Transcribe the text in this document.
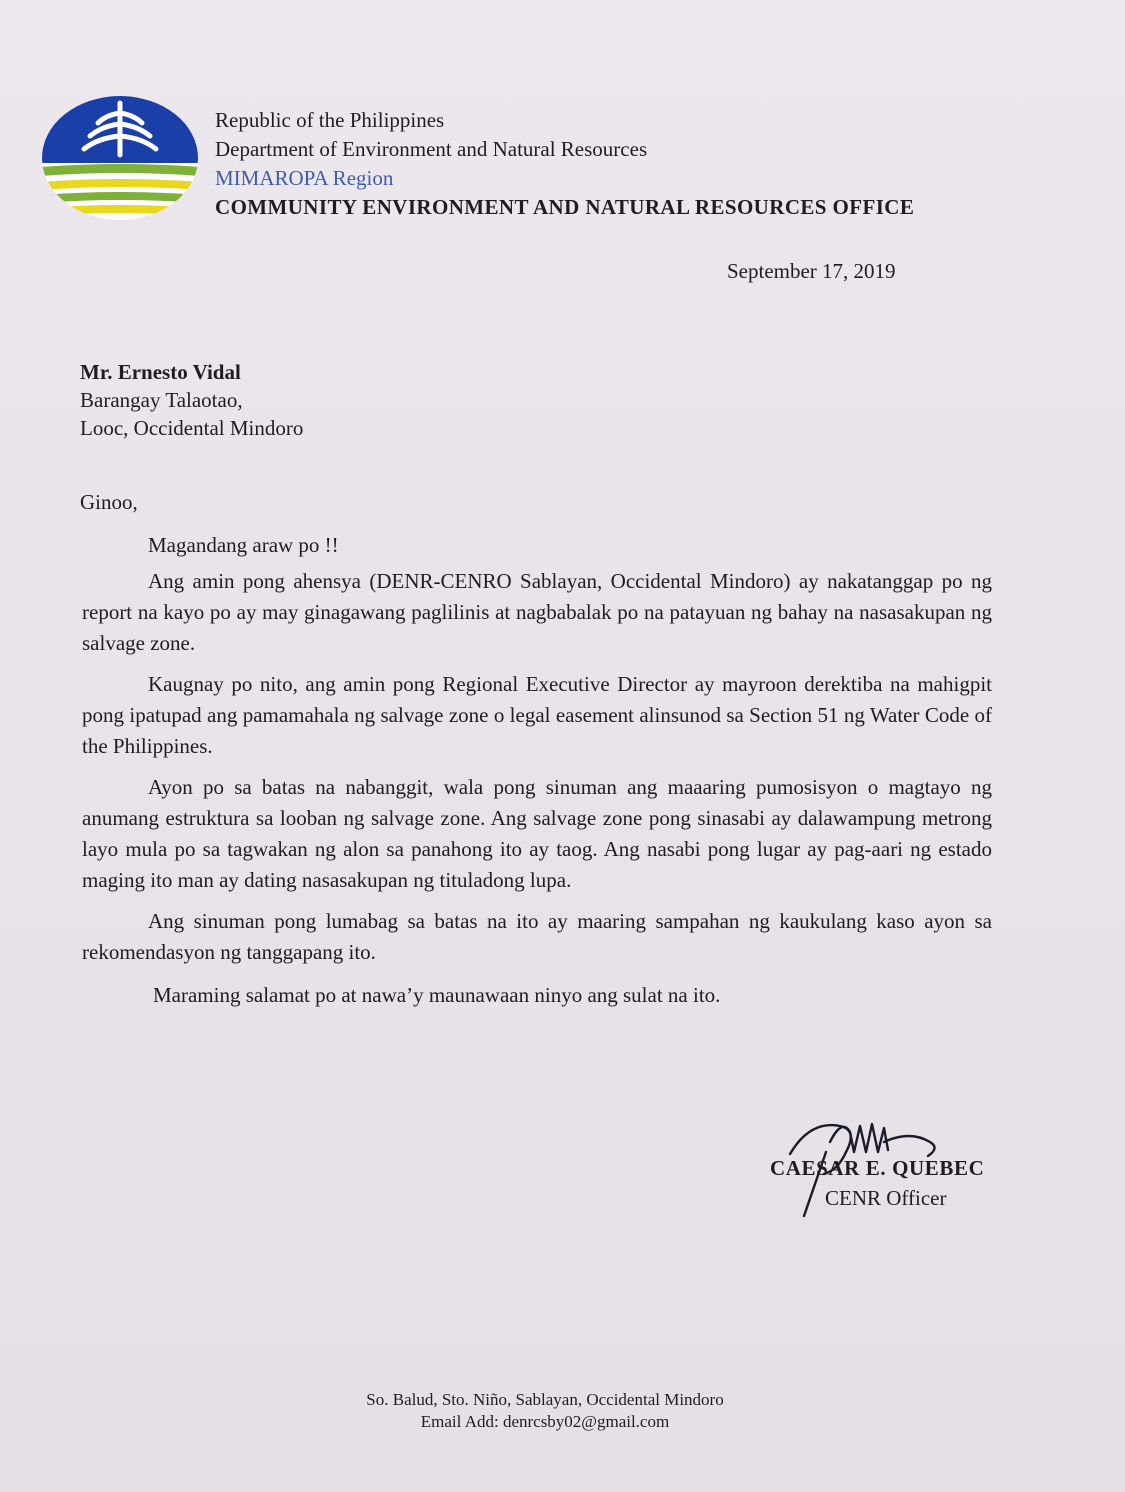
Republic of the Philippines
Department of Environment and Natural Resources
MIMAROPA Region
COMMUNITY ENVIRONMENT AND NATURAL RESOURCES OFFICE
September 17, 2019
Mr. Ernesto Vidal
Barangay Talaotao,
Looc, Occidental Mindoro
Ginoo,
Magandang araw po !!
Ang amin pong ahensya (DENR-CENRO Sablayan, Occidental Mindoro) ay nakatanggap po ng report na kayo po ay may ginagawang paglilinis at nagbabalak po na patayuan ng bahay na nasasakupan ng salvage zone.
Kaugnay po nito, ang amin pong Regional Executive Director ay mayroon derektiba na mahigpit pong ipatupad ang pamamahala ng salvage zone o legal easement alinsunod sa Section 51 ng Water Code of the Philippines.
Ayon po sa batas na nabanggit, wala pong sinuman ang maaaring pumosisyon o magtayo ng anumang estruktura sa looban ng salvage zone. Ang salvage zone pong sinasabi ay dalawampung metrong layo mula po sa tagwakan ng alon sa panahong ito ay taog. Ang nasabi pong lugar ay pag-aari ng estado maging ito man ay dating nasasakupan ng tituladong lupa.
Ang sinuman pong lumabag sa batas na ito ay maaring sampahan ng kaukulang kaso ayon sa rekomendasyon ng tanggapang ito.
Maraming salamat po at nawa’y maunawaan ninyo ang sulat na ito.
CAESAR E. QUEBEC
CENR Officer
So. Balud, Sto. Niño, Sablayan, Occidental Mindoro
Email Add: denrcsby02@gmail.com
